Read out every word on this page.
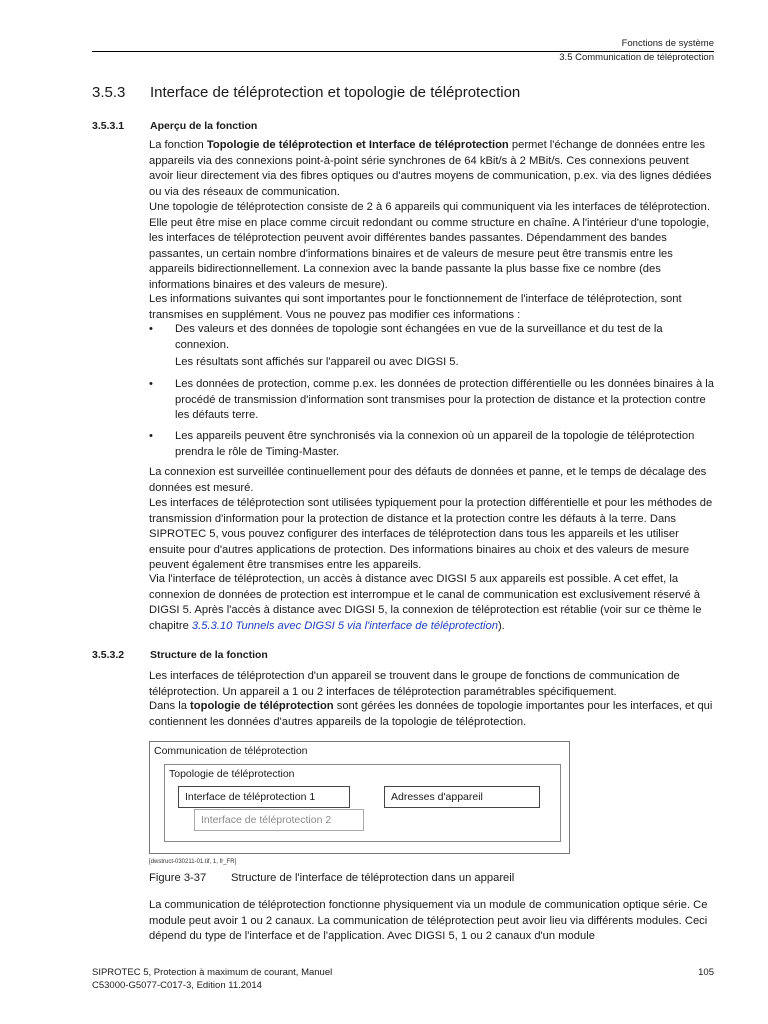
Fonctions de système
3.5 Communication de téléprotection
3.5.3 Interface de téléprotection et topologie de téléprotection
3.5.3.1 Aperçu de la fonction
La fonction Topologie de téléprotection et Interface de téléprotection permet l'échange de données entre les appareils via des connexions point-à-point série synchrones de 64 kBit/s à 2 MBit/s. Ces connexions peuvent avoir lieur directement via des fibres optiques ou d'autres moyens de communication, p.ex. via des lignes dédiées ou via des réseaux de communication.
Une topologie de téléprotection consiste de 2 à 6 appareils qui communiquent via les interfaces de téléprotection. Elle peut être mise en place comme circuit redondant ou comme structure en chaîne. A l'intérieur d'une topologie, les interfaces de téléprotection peuvent avoir différentes bandes passantes. Dépendamment des bandes passantes, un certain nombre d'informations binaires et de valeurs de mesure peut être transmis entre les appareils bidirectionnellement. La connexion avec la bande passante la plus basse fixe ce nombre (des informations binaires et des valeurs de mesure).
Les informations suivantes qui sont importantes pour le fonctionnement de l'interface de téléprotection, sont transmises en supplément. Vous ne pouvez pas modifier ces informations :
• Des valeurs et des données de topologie sont échangées en vue de la surveillance et du test de la connexion.
Les résultats sont affichés sur l'appareil ou avec DIGSI 5.
• Les données de protection, comme p.ex. les données de protection différentielle ou les données binaires à la procédé de transmission d'information sont transmises pour la protection de distance et la protection contre les défauts terre.
• Les appareils peuvent être synchronisés via la connexion où un appareil de la topologie de téléprotection prendra le rôle de Timing-Master.
La connexion est surveillée continuellement pour des défauts de données et panne, et le temps de décalage des données est mesuré.
Les interfaces de téléprotection sont utilisées typiquement pour la protection différentielle et pour les méthodes de transmission d'information pour la protection de distance et la protection contre les défauts à la terre. Dans SIPROTEC 5, vous pouvez configurer des interfaces de téléprotection dans tous les appareils et les utiliser ensuite pour d'autres applications de protection. Des informations binaires au choix et des valeurs de mesure peuvent également être transmises entre les appareils.
Via l'interface de téléprotection, un accès à distance avec DIGSI 5 aux appareils est possible. A cet effet, la connexion de données de protection est interrompue et le canal de communication est exclusivement réservé à DIGSI 5. Après l'accès à distance avec DIGSI 5, la connexion de téléprotection est rétablie (voir sur ce thème le chapitre 3.5.3.10 Tunnels avec DIGSI 5 via l'interface de téléprotection).
3.5.3.2 Structure de la fonction
Les interfaces de téléprotection d'un appareil se trouvent dans le groupe de fonctions de communication de téléprotection. Un appareil a 1 ou 2 interfaces de téléprotection paramétrables spécifiquement.
Dans la topologie de téléprotection sont gérées les données de topologie importantes pour les interfaces, et qui contiennent les données d'autres appareils de la topologie de téléprotection.
Communication de téléprotection
Topologie de téléprotection
Interface de téléprotection 2
Interface de téléprotection 1	Adresses d'appareil
[dwstruct-030211-01.tif, 1, fr_FR]
Figure 3-37 Structure de l'interface de téléprotection dans un appareil
La communication de téléprotection fonctionne physiquement via un module de communication optique série. Ce module peut avoir 1 ou 2 canaux. La communication de téléprotection peut avoir lieu via différents modules. Ceci dépend du type de l'interface et de l'application. Avec DIGSI 5, 1 ou 2 canaux d'un module
SIPROTEC 5, Protection à maximum de courant, Manuel
C53000-G5077-C017-3, Edition 11.2014
105
